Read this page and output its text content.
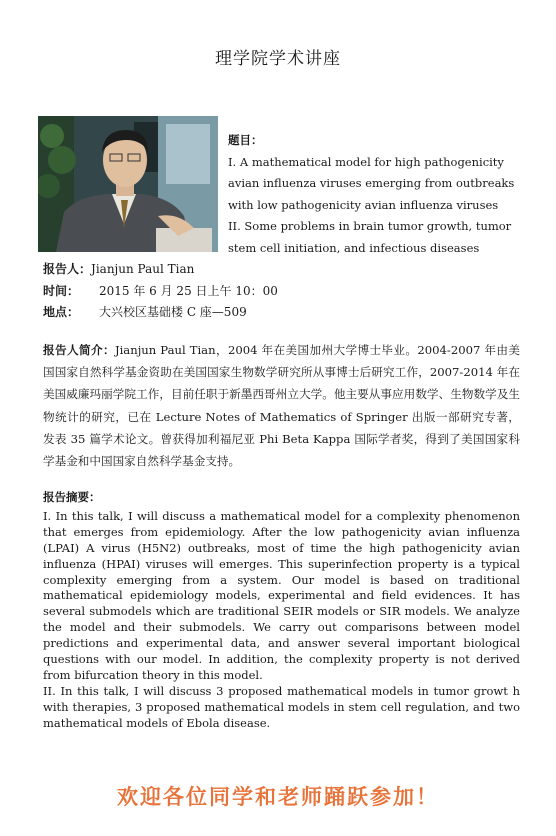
理学院学术讲座
题目：
I. A mathematical model for high pathogenicity avian influenza viruses emerging from outbreaks with low pathogenicity avian influenza viruses
II. Some problems in brain tumor growth, tumor stem cell initiation, and infectious diseases
报告人：Jianjun Paul Tian
时间： 2015 年 6 月 25 日上午 10：00
地点： 大兴校区基础楼 C 座—509
报告人简介：Jianjun Paul Tian，2004 年在美国加州大学博士毕业。2004-2007 年由美国国家自然科学基金资助在美国国家生物数学研究所从事博士后研究工作，2007-2014 年在美国威廉玛丽学院工作，目前任职于新墨西哥州立大学。他主要从事应用数学、生物数学及生物统计的研究，已在 Lecture Notes of Mathematics of Springer 出版一部研究专著，发表 35 篇学术论文。曾获得加利福尼亚 Phi Beta Kappa 国际学者奖，得到了美国国家科学基金和中国国家自然科学基金支持。
报告摘要：
I. In this talk, I will discuss a mathematical model for a complexity phenomenon that emerges from epidemiology. After the low pathogenicity avian influenza (LPAI) A virus (H5N2) outbreaks, most of time the high pathogenicity avian influenza (HPAI) viruses will emerges. This superinfection property is a typical complexity emerging from a system. Our model is based on traditional mathematical epidemiology models, experimental and field evidences. It has several submodels which are traditional SEIR models or SIR models. We analyze the model and their submodels. We carry out comparisons between model predictions and experimental data, and answer several important biological questions with our model. In addition, the complexity property is not derived from bifurcation theory in this model.
II. In this talk, I will discuss 3 proposed mathematical models in tumor growt h with therapies, 3 proposed mathematical models in stem cell regulation, and two mathematical models of Ebola disease.
欢迎各位同学和老师踊跃参加！
